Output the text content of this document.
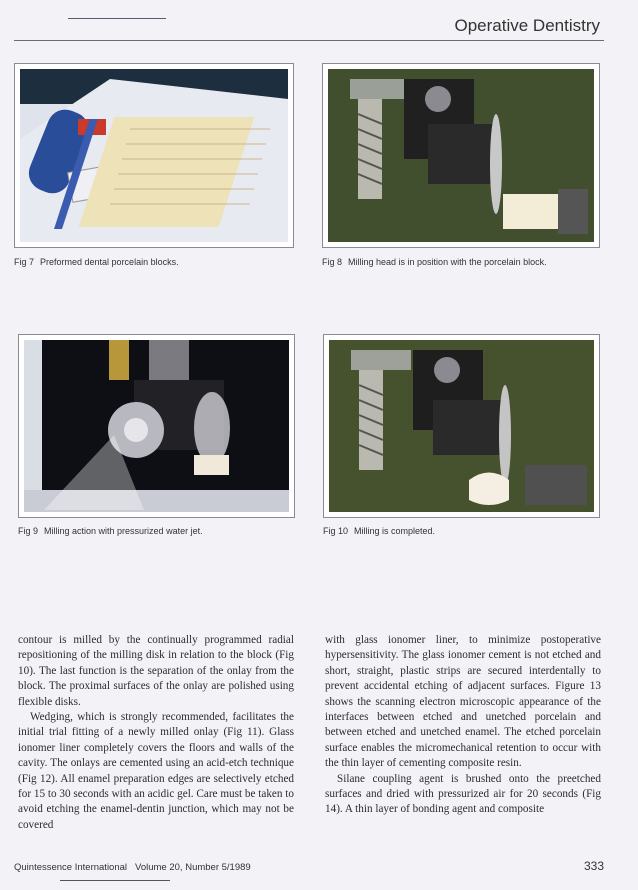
Operative Dentistry
Fig 7 Preformed dental porcelain blocks.	Fig 8 Milling head is in position with the porcelain block.
Fig 9 Milling action with pressurized water jet.	Fig 10 Milling is completed.

contour is milled by the continually programmed radial repositioning of the milling disk in relation to the block (Fig 10). The last function is the separation of the onlay from the block. The proximal surfaces of the onlay are polished using flexible disks.

Wedging, which is strongly recommended, facilitates the initial trial fitting of a newly milled onlay (Fig 11). Glass ionomer liner completely covers the floors and walls of the cavity. The onlays are cemented using an acid-etch technique (Fig 12). All enamel preparation edges are selectively etched for 15 to 30 seconds with an acidic gel. Care must be taken to avoid etching the enamel-dentin junction, which may not be covered

with glass ionomer liner, to minimize postoperative hypersensitivity. The glass ionomer cement is not etched and short, straight, plastic strips are secured interdentally to prevent accidental etching of adjacent surfaces. Figure 13 shows the scanning electron microscopic appearance of the interfaces between etched and unetched porcelain and between etched and unetched enamel. The etched porcelain surface enables the micromechanical retention to occur with the thin layer of cementing composite resin.

Silane coupling agent is brushed onto the preetched surfaces and dried with pressurized air for 20 seconds (Fig 14). A thin layer of bonding agent and composite

Quintessence International Volume 20, Number 5/1989	333
